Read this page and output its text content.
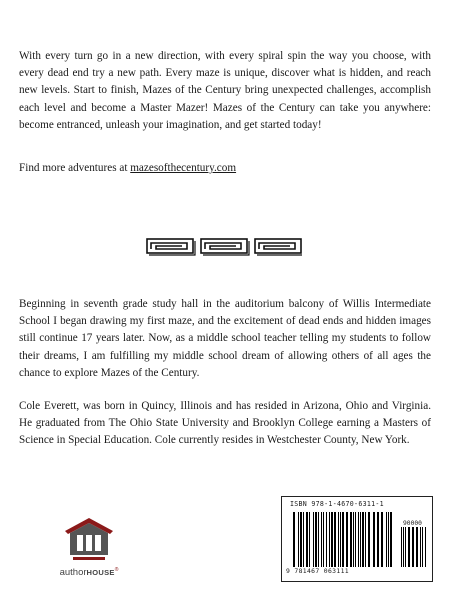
With every turn go in a new direction, with every spiral spin the way you choose, with every dead end try a new path. Every maze is unique, discover what is hidden, and reach new levels. Start to finish, Mazes of the Century bring unexpected challenges, accomplish each level and become a Master Mazer! Mazes of the Century can take you anywhere: become entranced, unleash your imagination, and get started today!

Find more adventures at mazesofthecentury.com

Beginning in seventh grade study hall in the auditorium balcony of Willis Intermediate School I began drawing my first maze, and the excitement of dead ends and hidden images still continue 17 years later. Now, as a middle school teacher telling my students to follow their dreams, I am fulfilling my middle school dream of allowing others of all ages the chance to explore Mazes of the Century.

Cole Everett, was born in Quincy, Illinois and has resided in Arizona, Ohio and Virginia. He graduated from The Ohio State University and Brooklyn College earning a Masters of Science in Special Education. Cole currently resides in Westchester County, New York.

authorHOUSE®
ISBN 978-1-4670-6311-1
90000
9 781467 063111
